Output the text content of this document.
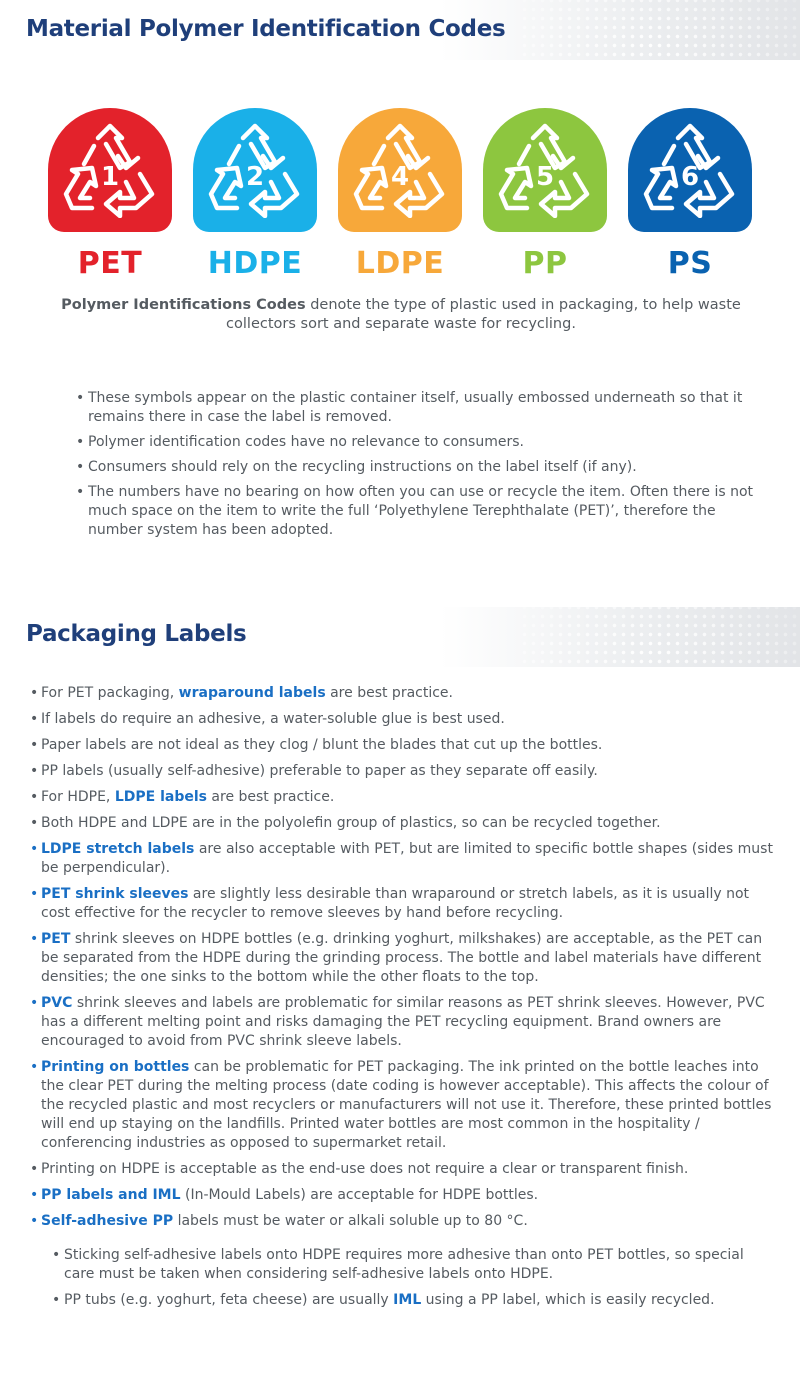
Material Polymer Identification Codes
1
PET
2
HDPE
4
LDPE
5
PP
6
PS

Polymer Identifications Codes denote the type of plastic used in packaging, to help waste collectors sort and separate waste for recycling.

• These symbols appear on the plastic container itself, usually embossed underneath so that it remains there in case the label is removed.
• Polymer identification codes have no relevance to consumers.
• Consumers should rely on the recycling instructions on the label itself (if any).
• The numbers have no bearing on how often you can use or recycle the item. Often there is not much space on the item to write the full ‘Polyethylene Terephthalate (PET)’, therefore the number system has been adopted.
Packaging Labels
• For PET packaging, wraparound labels are best practice.
• If labels do require an adhesive, a water-soluble glue is best used.
• Paper labels are not ideal as they clog / blunt the blades that cut up the bottles.
• PP labels (usually self-adhesive) preferable to paper as they separate off easily.
• For HDPE, LDPE labels are best practice.
• Both HDPE and LDPE are in the polyolefin group of plastics, so can be recycled together.
• LDPE stretch labels are also acceptable with PET, but are limited to specific bottle shapes (sides must be perpendicular).
• PET shrink sleeves are slightly less desirable than wraparound or stretch labels, as it is usually not cost effective for the recycler to remove sleeves by hand before recycling.
• PET shrink sleeves on HDPE bottles (e.g. drinking yoghurt, milkshakes) are acceptable, as the PET can be separated from the HDPE during the grinding process. The bottle and label materials have different densities; the one sinks to the bottom while the other floats to the top.
• PVC shrink sleeves and labels are problematic for similar reasons as PET shrink sleeves. However, PVC has a different melting point and risks damaging the PET recycling equipment. Brand owners are encouraged to avoid from PVC shrink sleeve labels.
• Printing on bottles can be problematic for PET packaging. The ink printed on the bottle leaches into the clear PET during the melting process (date coding is however acceptable). This affects the colour of the recycled plastic and most recyclers or manufacturers will not use it. Therefore, these printed bottles will end up staying on the landfills. Printed water bottles are most common in the hospitality / conferencing industries as opposed to supermarket retail.
• Printing on HDPE is acceptable as the end-use does not require a clear or transparent finish.
• PP labels and IML (In-Mould Labels) are acceptable for HDPE bottles.
• Self-adhesive PP labels must be water or alkali soluble up to 80 °C.
• Sticking self-adhesive labels onto HDPE requires more adhesive than onto PET bottles, so special care must be taken when considering self-adhesive labels onto HDPE.
• PP tubs (e.g. yoghurt, feta cheese) are usually IML using a PP label, which is easily recycled.
